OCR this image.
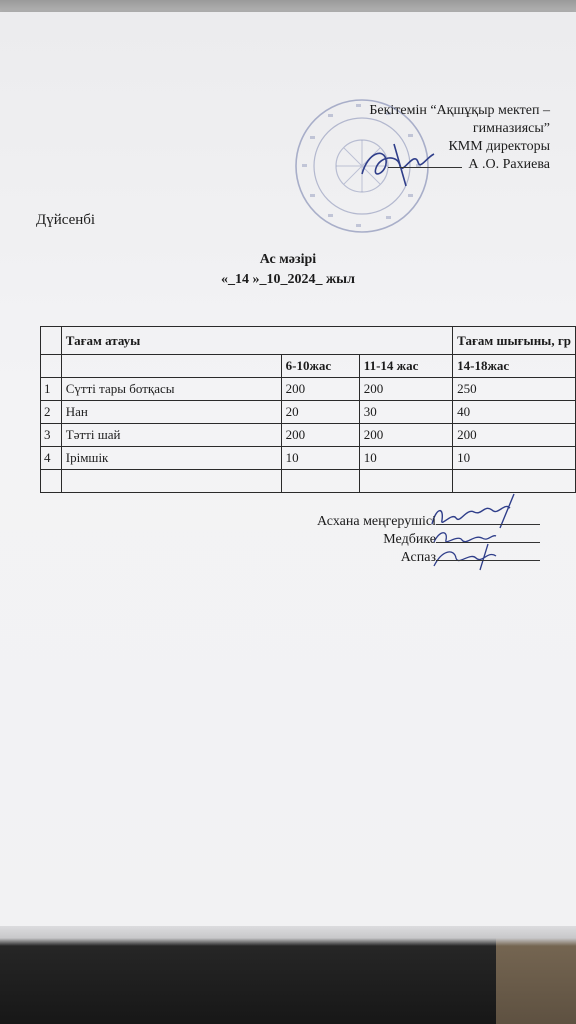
Бекітемін “Ақшұқыр мектеп –
гимназиясы”
КММ директоры
А .О. Рахиева
Дүйсенбі
Ас мәзірі
«_14 »_10_2024_ жыл
	Тағам атауы			Тағам шығыны, гр
		6-10жас	11-14 жас	14-18жас
1	Сүтті тары ботқасы	200	200	250
2	Нан	20	30	40
3	Тәтті шай	200	200	200
4	Ірімшік	10	10	10

Асхана меңгерушісі
Медбике
Аспаз
